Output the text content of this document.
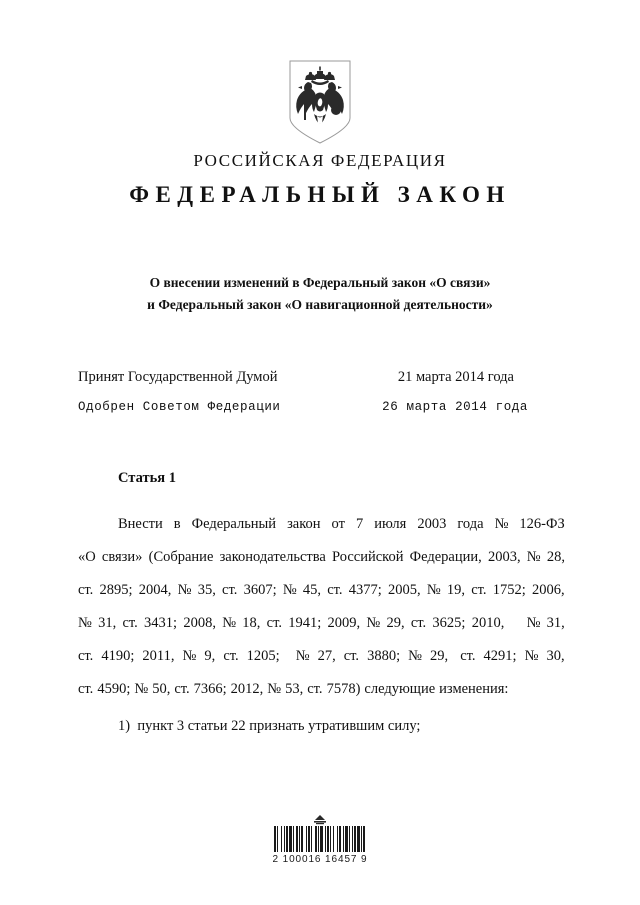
РОССИЙСКАЯ ФЕДЕРАЦИЯ
ФЕДЕРАЛЬНЫЙ ЗАКОН
О внесении изменений в Федеральный закон «О связи»
и Федеральный закон «О навигационной деятельности»
Принят Государственной Думой	21 марта 2014 года
Одобрен Советом Федерации	26 марта 2014 года
Статья 1
Внести в Федеральный закон от 7 июля 2003 года № 126-ФЗ
«О связи» (Собрание законодательства Российской Федерации, 2003, № 28,
ст. 2895; 2004, № 35, ст. 3607; № 45, ст. 4377; 2005, № 19, ст. 1752; 2006,
№ 31, ст. 3431; 2008, № 18, ст. 1941; 2009, № 29, ст. 3625; 2010, № 31,
ст. 4190; 2011, № 9, ст. 1205; № 27, ст. 3880; № 29, ст. 4291; № 30,
ст. 4590; № 50, ст. 7366; 2012, № 53, ст. 7578) следующие изменения:
1)  пункт 3 статьи 22 признать утратившим силу;
2 100016 16457 9
